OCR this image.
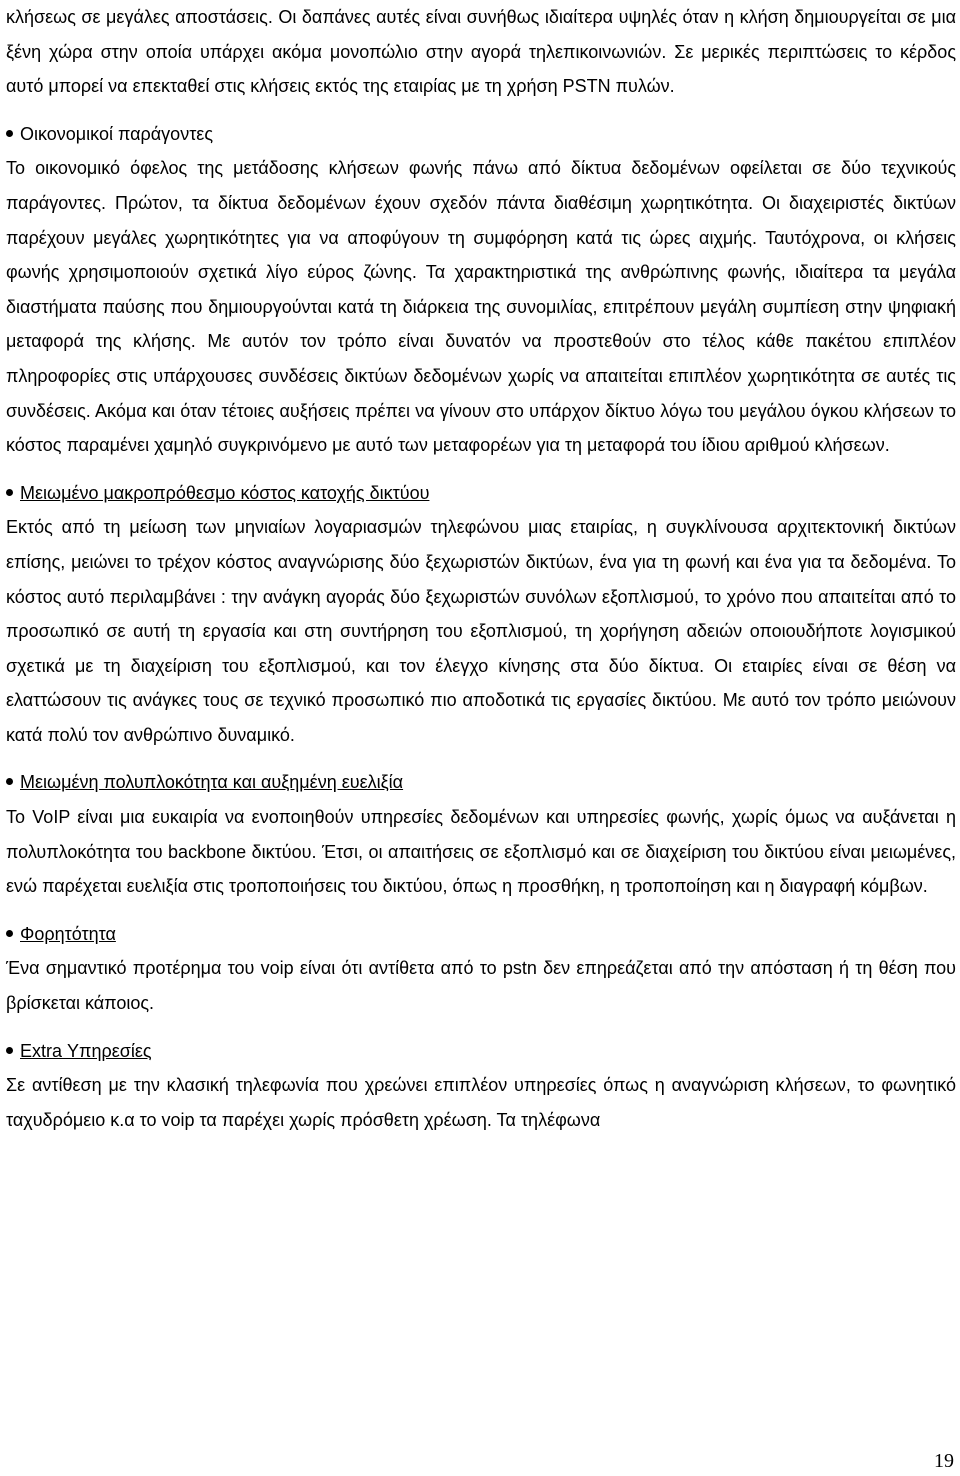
κλήσεως σε μεγάλες αποστάσεις. Οι δαπάνες αυτές είναι συνήθως ιδιαίτερα υψηλές όταν η κλήση δημιουργείται σε μια ξένη χώρα στην οποία υπάρχει ακόμα μονοπώλιο στην αγορά τηλεπικοινωνιών. Σε μερικές περιπτώσεις το κέρδος αυτό μπορεί να επεκταθεί στις κλήσεις εκτός της εταιρίας με τη χρήση PSTN πυλών.

Οικονομικοί παράγοντες

Το οικονομικό όφελος της μετάδοσης κλήσεων φωνής πάνω από δίκτυα δεδομένων οφείλεται σε δύο τεχνικούς παράγοντες. Πρώτον, τα δίκτυα δεδομένων έχουν σχεδόν πάντα διαθέσιμη χωρητικότητα. Οι διαχειριστές δικτύων παρέχουν μεγάλες χωρητικότητες για να αποφύγουν τη συμφόρηση κατά τις ώρες αιχμής. Ταυτόχρονα, οι κλήσεις φωνής χρησιμοποιούν σχετικά λίγο εύρος ζώνης. Τα χαρακτηριστικά της ανθρώπινης φωνής, ιδιαίτερα τα μεγάλα διαστήματα παύσης που δημιουργούνται κατά τη διάρκεια της συνομιλίας, επιτρέπουν μεγάλη συμπίεση στην ψηφιακή μεταφορά της κλήσης. Με αυτόν τον τρόπο είναι δυνατόν να προστεθούν στο τέλος κάθε πακέτου επιπλέον πληροφορίες στις υπάρχουσες συνδέσεις δικτύων δεδομένων χωρίς να απαιτείται επιπλέον χωρητικότητα σε αυτές τις συνδέσεις. Ακόμα και όταν τέτοιες αυξήσεις πρέπει να γίνουν στο υπάρχον δίκτυο λόγω του μεγάλου όγκου κλήσεων το κόστος παραμένει χαμηλό συγκρινόμενο με αυτό των μεταφορέων για τη μεταφορά του ίδιου αριθμού κλήσεων.

Μειωμένο μακροπρόθεσμο κόστος κατοχής δικτύου

Εκτός από τη μείωση των μηνιαίων λογαριασμών τηλεφώνου μιας εταιρίας, η συγκλίνουσα αρχιτεκτονική δικτύων επίσης, μειώνει το τρέχον κόστος αναγνώρισης δύο ξεχωριστών δικτύων, ένα για τη φωνή και ένα για τα δεδομένα. Το κόστος αυτό περιλαμβάνει : την ανάγκη αγοράς δύο ξεχωριστών συνόλων εξοπλισμού, το χρόνο που απαιτείται από το προσωπικό σε αυτή τη εργασία και στη συντήρηση του εξοπλισμού, τη χορήγηση αδειών οποιουδήποτε λογισμικού σχετικά με τη διαχείριση του εξοπλισμού, και τον έλεγχο κίνησης στα δύο δίκτυα. Οι εταιρίες είναι σε θέση να ελαττώσουν τις ανάγκες τους σε τεχνικό προσωπικό πιο αποδοτικά τις εργασίες δικτύου. Με αυτό τον τρόπο μειώνουν κατά πολύ τον ανθρώπινο δυναμικό.

Μειωμένη πολυπλοκότητα και αυξημένη ευελιξία

Το VoIP είναι μια ευκαιρία να ενοποιηθούν υπηρεσίες δεδομένων και υπηρεσίες φωνής, χωρίς όμως να αυξάνεται η πολυπλοκότητα του backbone δικτύου. Έτσι, οι απαιτήσεις σε εξοπλισμό και σε διαχείριση του δικτύου είναι μειωμένες, ενώ παρέχεται ευελιξία στις τροποποιήσεις του δικτύου, όπως η προσθήκη, η τροποποίηση και η διαγραφή κόμβων.

Φορητότητα

Ένα σημαντικό προτέρημα του voip είναι ότι αντίθετα από το pstn δεν επηρεάζεται από την απόσταση ή τη θέση που βρίσκεται κάποιος.

Extra Υπηρεσίες

Σε αντίθεση με την κλασική τηλεφωνία που χρεώνει επιπλέον υπηρεσίες όπως η αναγνώριση κλήσεων, το φωνητικό ταχυδρόμειο κ.α το voip τα παρέχει χωρίς πρόσθετη χρέωση. Τα τηλέφωνα

19
